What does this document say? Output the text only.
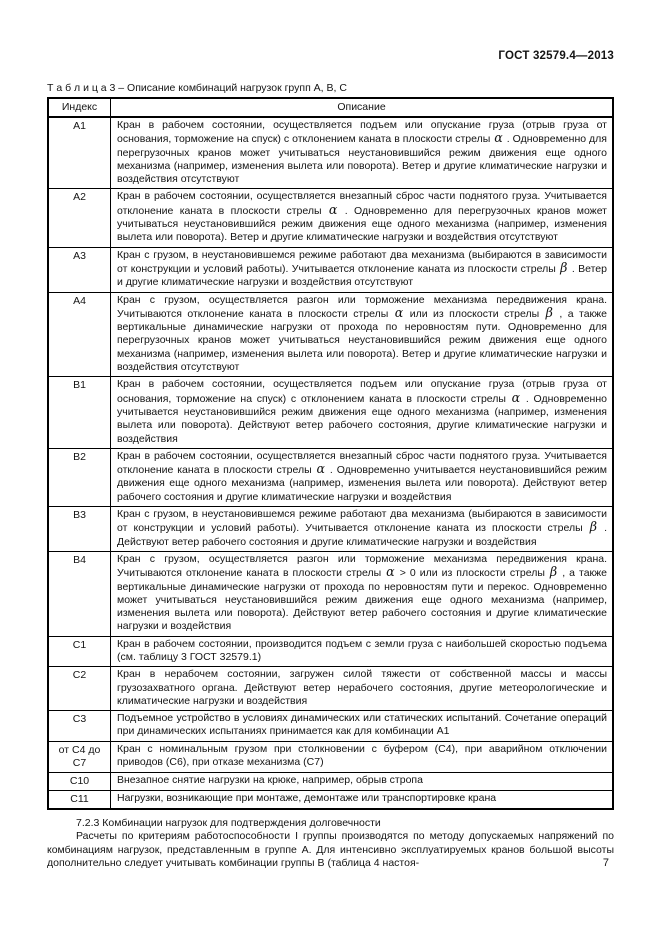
ГОСТ 32579.4—2013
Т а б л и ц а 3 – Описание комбинаций нагрузок групп А, В, С
Индекс	Описание
А1	Кран в рабочем состоянии, осуществляется подъем или опускание груза (отрыв груза от основания, торможение на спуск) с отклонением каната в плоскости стрелы α . Одновременно для перегрузочных кранов может учитываться неустановившийся режим движения еще одного механизма (например, изменения вылета или поворота). Ветер и другие климатические нагрузки и воздействия отсутствуют
А2	Кран в рабочем состоянии, осуществляется внезапный сброс части поднятого груза. Учитывается отклонение каната в плоскости стрелы α . Одновременно для перегрузочных кранов может учитываться неустановившийся режим движения еще одного механизма (например, изменения вылета или поворота). Ветер и другие климатические нагрузки и воздействия отсутствуют
А3	Кран с грузом, в неустановившемся режиме работают два механизма (выбираются в зависимости от конструкции и условий работы). Учитывается отклонение каната из плоскости стрелы β . Ветер и другие климатические нагрузки и воздействия отсутствуют
А4	Кран с грузом, осуществляется разгон или торможение механизма передвижения крана. Учитываются отклонение каната в плоскости стрелы α или из плоскости стрелы β , а также вертикальные динамические нагрузки от прохода по неровностям пути. Одновременно для перегрузочных кранов может учитываться неустановившийся режим движения еще одного механизма (например, изменения вылета или поворота). Ветер и другие климатические нагрузки и воздействия отсутствуют
В1	Кран в рабочем состоянии, осуществляется подъем или опускание груза (отрыв груза от основания, торможение на спуск) с отклонением каната в плоскости стрелы α . Одновременно учитывается неустановившийся режим движения еще одного механизма (например, изменения вылета или поворота). Действуют ветер рабочего состояния, другие климатические нагрузки и воздействия
В2	Кран в рабочем состоянии, осуществляется внезапный сброс части поднятого груза. Учитывается отклонение каната в плоскости стрелы α . Одновременно учитывается неустановившийся режим движения еще одного механизма (например, изменения вылета или поворота). Действуют ветер рабочего состояния и другие климатические нагрузки и воздействия
В3	Кран с грузом, в неустановившемся режиме работают два механизма (выбираются в зависимости от конструкции и условий работы). Учитывается отклонение каната из плоскости стрелы β . Действуют ветер рабочего состояния и другие климатические нагрузки и воздействия
В4	Кран с грузом, осуществляется разгон или торможение механизма передвижения крана. Учитываются отклонение каната в плоскости стрелы α > 0 или из плоскости стрелы β , а также вертикальные динамические нагрузки от прохода по неровностям пути и перекос. Одновременно может учитываться неустановившийся режим движения еще одного механизма (например, изменения вылета или поворота). Действуют ветер рабочего состояния и другие климатические нагрузки и воздействия
С1	Кран в рабочем состоянии, производится подъем с земли груза с наибольшей скоростью подъема (см. таблицу 3 ГОСТ 32579.1)
С2	Кран в нерабочем состоянии, загружен силой тяжести от собственной массы и массы грузозахватного органа. Действуют ветер нерабочего состояния, другие метеорологические и климатические нагрузки и воздействия
С3	Подъемное устройство в условиях динамических или статических испытаний. Сочетание операций при динамических испытаниях принимается как для комбинации А1
от С4 до С7	Кран с номинальным грузом при столкновении с буфером (С4), при аварийном отключении приводов (С6), при отказе механизма (С7)
С10	Внезапное снятие нагрузки на крюке, например, обрыв стропа
С11	Нагрузки, возникающие при монтаже, демонтаже или транспортировке крана

7.2.3 Комбинации нагрузок для подтверждения долговечности

Расчеты по критериям работоспособности I группы производятся по методу допускаемых напряжений по комбинациям нагрузок, представленным в группе А. Для интенсивно эксплуатируемых кранов большой высоты дополнительно следует учитывать комбинации группы В (таблица 4 настоя-	7
